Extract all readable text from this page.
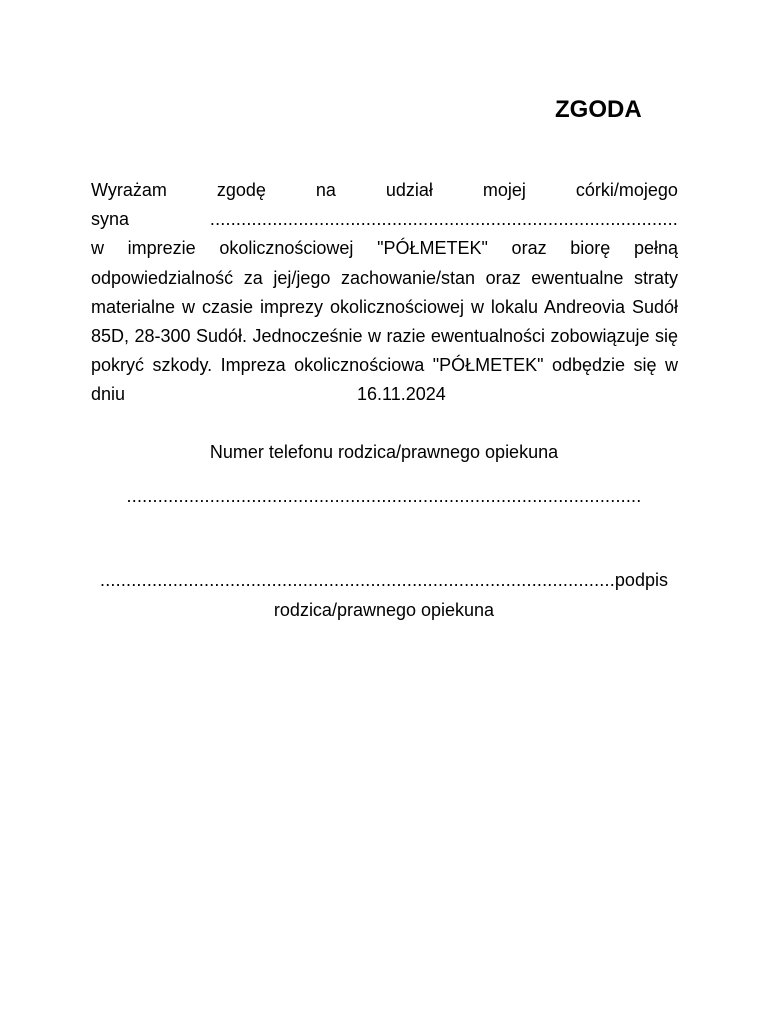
ZGODA
Wyrażam	zgodę	na	udział	mojej	córki/mojego
syna	..........................................................................................
w imprezie okolicznościowej "PÓŁMETEK" oraz biorę pełną
odpowiedzialność za jej/jego zachowanie/stan oraz ewentualne straty
materialne w czasie imprezy okolicznościowej w lokalu Andreovia Sudół
85D, 28-300 Sudół. Jednocześnie w razie ewentualności zobowiązuje się
pokryć szkody. Impreza okolicznościowa "PÓŁMETEK" odbędzie się w
dniu	16.11.2024
Numer telefonu rodzica/prawnego opiekuna
...................................................................................................
...................................................................................................podpis
rodzica/prawnego opiekuna
